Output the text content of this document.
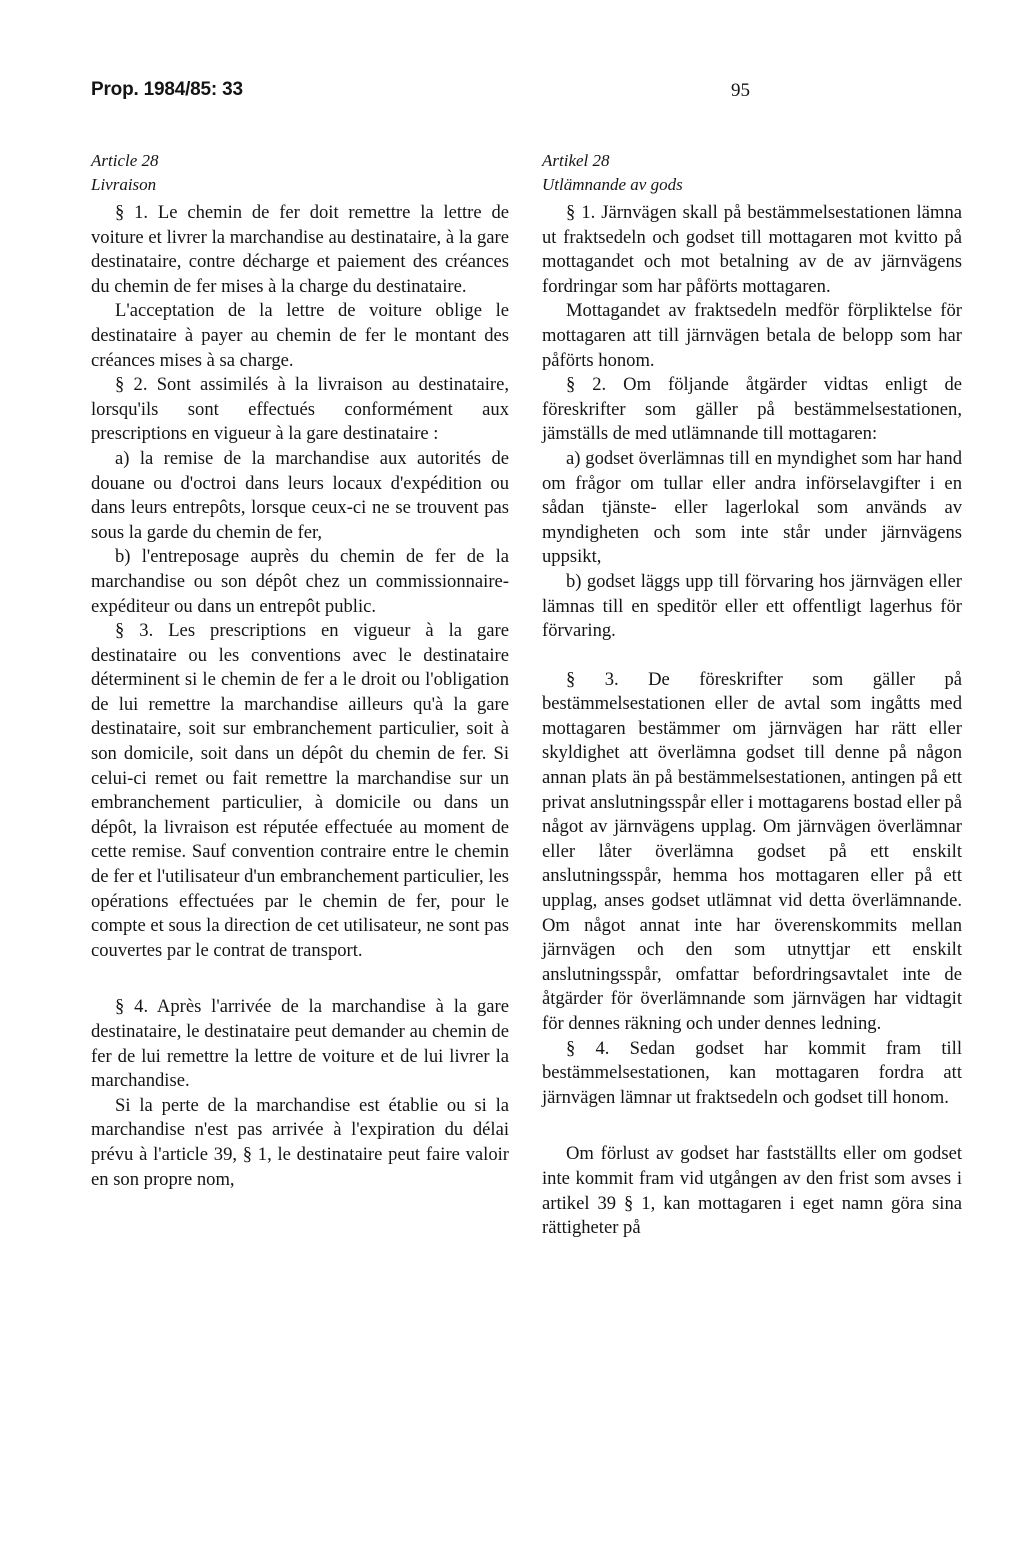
Prop. 1984/85: 33	95

Article 28

Livraison

§ 1. Le chemin de fer doit remettre la lettre de voiture et livrer la marchandise au destinataire, à la gare destinataire, contre décharge et paiement des créances du chemin de fer mises à la charge du destinataire.

L'acceptation de la lettre de voiture oblige le destinataire à payer au chemin de fer le montant des créances mises à sa charge.

§ 2. Sont assimilés à la livraison au destinataire, lorsqu'ils sont effectués conformément aux prescriptions en vigueur à la gare destinataire :

a) la remise de la marchandise aux autorités de douane ou d'octroi dans leurs locaux d'expédition ou dans leurs entrepôts, lorsque ceux-ci ne se trouvent pas sous la garde du chemin de fer,

b) l'entreposage auprès du chemin de fer de la marchandise ou son dépôt chez un commissionnaire-expéditeur ou dans un entrepôt public.

§ 3. Les prescriptions en vigueur à la gare destinataire ou les conventions avec le destinataire déterminent si le chemin de fer a le droit ou l'obligation de lui remettre la marchandise ailleurs qu'à la gare destinataire, soit sur embranchement particulier, soit à son domicile, soit dans un dépôt du chemin de fer. Si celui-ci remet ou fait remettre la marchandise sur un embranchement particulier, à domicile ou dans un dépôt, la livraison est réputée effectuée au moment de cette remise. Sauf convention contraire entre le chemin de fer et l'utilisateur d'un embranchement particulier, les opérations effectuées par le chemin de fer, pour le compte et sous la direction de cet utilisateur, ne sont pas couvertes par le contrat de transport.

§ 4. Après l'arrivée de la marchandise à la gare destinataire, le destinataire peut demander au chemin de fer de lui remettre la lettre de voiture et de lui livrer la marchandise.

Si la perte de la marchandise est établie ou si la marchandise n'est pas arrivée à l'expiration du délai prévu à l'article 39, § 1, le destinataire peut faire valoir en son propre nom,

Artikel 28

Utlämnande av gods

§ 1. Järnvägen skall på bestämmelsestationen lämna ut fraktsedeln och godset till mottagaren mot kvitto på mottagandet och mot betalning av de av järnvägens fordringar som har påförts mottagaren.

Mottagandet av fraktsedeln medför förpliktelse för mottagaren att till järnvägen betala de belopp som har påförts honom.

§ 2. Om följande åtgärder vidtas enligt de föreskrifter som gäller på bestämmelsestationen, jämställs de med utlämnande till mottagaren:

a) godset överlämnas till en myndighet som har hand om frågor om tullar eller andra införselavgifter i en sådan tjänste- eller lagerlokal som används av myndigheten och som inte står under järnvägens uppsikt,

b) godset läggs upp till förvaring hos järnvägen eller lämnas till en speditör eller ett offentligt lagerhus för förvaring.

§ 3. De föreskrifter som gäller på bestämmelsestationen eller de avtal som ingåtts med mottagaren bestämmer om järnvägen har rätt eller skyldighet att överlämna godset till denne på någon annan plats än på bestämmelsestationen, antingen på ett privat anslutningsspår eller i mottagarens bostad eller på något av järnvägens upplag. Om järnvägen överlämnar eller låter överlämna godset på ett enskilt anslutningsspår, hemma hos mottagaren eller på ett upplag, anses godset utlämnat vid detta överlämnande. Om något annat inte har överenskommits mellan järnvägen och den som utnyttjar ett enskilt anslutningsspår, omfattar befordringsavtalet inte de åtgärder för överlämnande som järnvägen har vidtagit för dennes räkning och under dennes ledning.

§ 4. Sedan godset har kommit fram till bestämmelsestationen, kan mottagaren fordra att järnvägen lämnar ut fraktsedeln och godset till honom.

Om förlust av godset har fastställts eller om godset inte kommit fram vid utgången av den frist som avses i artikel 39 § 1, kan mottagaren i eget namn göra sina rättigheter på
